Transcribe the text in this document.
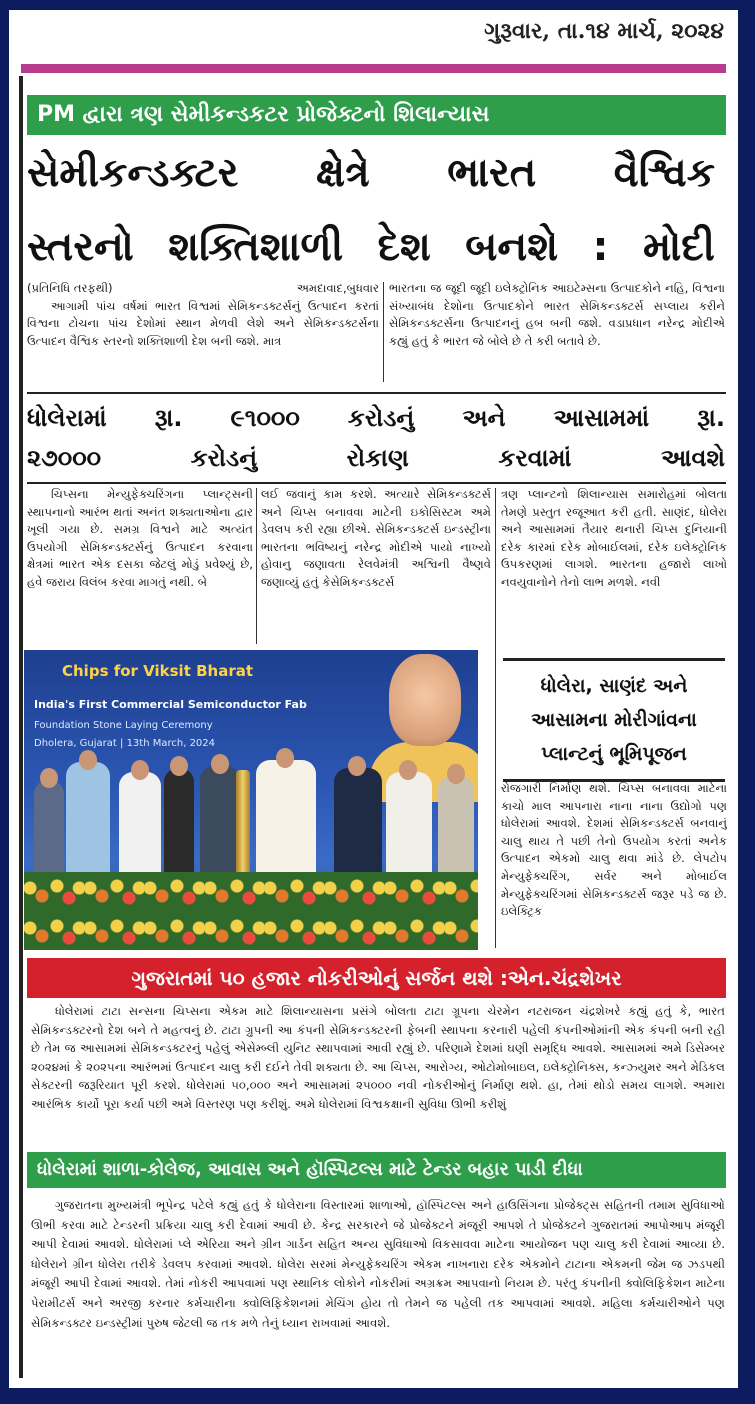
ગુરૂવાર, તા.૧૪ માર્ચ, ૨૦૨૪
PM દ્વારા ત્રણ સેમીકન્ડકટર પ્રોજેક્ટનો શિલાન્યાસ
સેમીકન્ડક્ટર ક્ષેત્રે ભારત વૈશ્વિક
સ્તરનો શક્તિશાળી દેશ બનશે : મોદી
(પ્રતિનિધિ તરફથી)	અમદાવાદ,બુધવાર
આગામી પાંચ વર્ષમાં ભારત વિશ્વમાં સેમિકન્ડક્ટર્સનું ઉત્પાદન કરતાં વિશ્વના ટોચના પાંચ દેશોમાં સ્થાન મેળવી લેશે અને સેમિકન્ડક્ટર્સના ઉત્પાદન વૈશ્વિક સ્તરનો શક્તિશાળી દેશ બની જશે. માત્ર
ભારતના જ જૂદી જૂદી ઇલેક્ટ્રોનિક આઇટેમ્સના ઉત્પાદકોને નહિ, વિશ્વના સંખ્યાબંધ દેશોના ઉત્પાદકોને ભારત સેમિકન્ડક્ટર્સ સપ્લાય કરીને સેમિકન્ડક્ટર્સના ઉત્પાદનનું હબ બની જશે. વડાપ્રધાન નરેન્દ્ર મોદીએ કહ્યું હતું કે ભારત જે બોલે છે તે કરી બતાવે છે.
ધોલેરામાં રૂા. ૯૧૦૦૦ કરોડનું અને આસામમાં રૂા.
૨૭૦૦૦ કરોડનું રોકાણ કરવામાં આવશે
ચિપ્સના મેન્યુફેક્ચરિંગના પ્લાન્ટ્સની સ્થાપનાનો આરંભ થતાં અનંત શક્યતાઓના દ્વાર ખૂલી ગયા છે. સમગ્ર વિશ્વને માટે અત્યંત ઉપયોગી સેમિકન્ડક્ટર્સનું ઉત્પાદન કરવાના ક્ષેત્રમાં ભારત એક દસકા જેટલું મોડું પ્રવેશ્યું છે, હવે જરાય વિલંબ કરવા માગતું નથી. બે
લઈ જવાનું કામ કરશે. અત્યારે સેમિકન્ડક્ટર્સ અને ચિપ્સ બનાવવા માટેની ઇકોસિસ્ટમ અમે ડેવલપ કરી રહ્યા છીએ. સેમિકન્ડક્ટર્સ ઇન્ડસ્ટ્રીના ભારતના ભવિષ્યનું નરેન્દ્ર મોદીએ પાયો નાખ્યો હોવાનુ જણાવતા રેલવેમંત્રી અશ્વિની વૈષ્ણવે જણાવ્યું હતું કેસેમિકન્ડક્ટર્સ
ત્રણ પ્લાન્ટનો શિલાન્યાસ સમારોહમાં બોલતા તેમણે પ્રસ્તુત રજૂઆત કરી હતી. સાણંદ, ધોલેરા અને આસામમાં તૈયાર થનારી ચિપ્સ દુનિયાની દરેક કારમાં દરેક મોબાઈલમાં, દરેક ઇલેક્ટ્રોનિક ઉપકરણમાં લાગશે. ભારતના હજારો લાખો નવયુવાનોને તેનો લાભ મળશે. નવી
Chips for Viksit Bharat
India's First Commercial Semiconductor Fab
Foundation Stone Laying Ceremony
Dholera, Gujarat | 13th March, 2024
ધોલેરા, સાણંદ અને આસામના મોરીગાંવના પ્લાન્ટનું ભૂમિપૂજન
રોજગારી નિર્માણ થશે. ચિપ્સ બનાવવા માટેના કાચો માલ આપનારા નાના નાના ઉદ્યોગો પણ ધોલેરામાં આવશે. દેશમાં સેમિકન્ડક્ટર્સ બનવાનું ચાલુ થાય તે પછી તેનો ઉપયોગ કરતાં અનેક ઉત્પાદન એકમો ચાલુ થવા માંડે છે. લેપટોપ મેન્યુફેક્ચરિંગ, સર્વર અને મોબાઈલ મેન્યુફેક્ચરિંગમાં સેમિકન્ડક્ટર્સ જરૂર પડે જ છે. ઇલેક્ટ્રિક
ગુજરાતમાં ૫૦ હજાર નોકરીઓનું સર્જન થશે :એન.ચંદ્રશેખર
ધોલેરામાં ટાટા સન્સના ચિપ્સના એકમ માટે શિલાન્યાસના પ્રસંગે બોલતા ટાટા ગ્રૂપના ચેરમેન નટરાજન ચંદ્રશેખરે કહ્યું હતું કે, ભારત સેમિકન્ડક્ટરનો દેશ બને તે મહત્વનું છે. ટાટા ગ્રુપની આ કંપની સેમિકન્ડક્ટરની ફેબની સ્થાપના કરનારી પહેલી કંપનીઓમાંની એક કંપની બની રહી છે તેમ જ આસામમાં સેમિકન્ડક્ટરનું પહેલું એસેમ્બ્લી યુનિટ સ્થાપવામાં આવી રહ્યું છે. પરિણામે દેશમાં ઘણી સમૃદ્ધિ આવશે. આસામમાં અમે ડિસેમ્બર ૨૦૨૪માં કે ૨૦૨૫ના આરંભમાં ઉત્પાદન ચાલુ કરી દઈને તેવી શક્યતા છે. આ ચિપ્સ, આરોગ્ય, ઓટોમોબાઇલ, ઇલેક્ટ્રોનિક્સ, કન્ઝ્યુમર અને મેડિકલ સેક્ટરની જરૂરિયાત પૂરી કરશે. ધોલેરામાં ૫૦,૦૦૦ અને આસામમાં ૨૫૦૦૦ નવી નોકરીઓનું નિર્માણ થશે. હા, તેમાં થોડો સમય લાગશે. અમારા આરંભિક કાર્યો પૂરા કર્યા પછી અમે વિસ્તરણ પણ કરીશું. અમે ધોલેરામાં વિશ્વકક્ષાની સુવિધા ઊભી કરીશું
ધોલેરામાં શાળા-કોલેજ, આવાસ અને હૉસ્પિટલ્સ માટે ટેન્ડર બહાર પાડી દીધા
ગુજરાતના મુખ્યમંત્રી ભૂપેન્દ્ર પટેલે કહ્યું હતું કે ધોલેરાના વિસ્તારમાં શાળાઓ, હૉસ્પિટલ્સ અને હાઉસિંગના પ્રોજેક્ટ્સ સહિતની તમામ સુવિધાઓ ઊભી કરવા માટે ટેન્ડરની પ્રક્રિયા ચાલુ કરી દેવામાં આવી છે. કેન્દ્ર સરકારને જે પ્રોજેક્ટને મંજૂરી આપશે તે પ્રોજેક્ટને ગુજરાતમાં આપોઆપ મંજૂરી આપી દેવામાં આવશે. ધોલેરામાં પ્લે એરિયા અને ગ્રીન ગાર્ડન સહિત અન્ય સુવિધાઓ વિકસાવવા માટેના આયોજન પણ ચાલુ કરી દેવામાં આવ્યા છે. ધોલેરાને ગ્રીન ધોલેરા તરીકે ડેવલપ કરવામાં આવશે. ધોલેરા સરમાં મેન્યુફેક્ચરિંગ એકમ નાખનારા દરેક એકમોને ટાટાના એકમની જેમ જ ઝડપથી મંજૂરી આપી દેવામાં આવશે. તેમાં નોકરી આપવામાં પણ સ્થાનિક લોકોને નોકરીમાં અગ્રક્રમ આપવાનો નિયમ છે. પરંતુ કંપનીની ક્વોલિફિકેશન માટેના પેરામીટર્સ અને અરજી કરનાર કર્મચારીના ક્વોલિફિકેશનમાં મેચિંગ હોય તો તેમને જ પહેલી તક આપવામાં આવશે. મહિલા કર્મચારીઓને પણ સેમિકન્ડક્ટર ઇન્ડસ્ટ્રીમાં પુરુષ જેટલી જ તક મળે તેનું ધ્યાન રાખવામાં આવશે.
